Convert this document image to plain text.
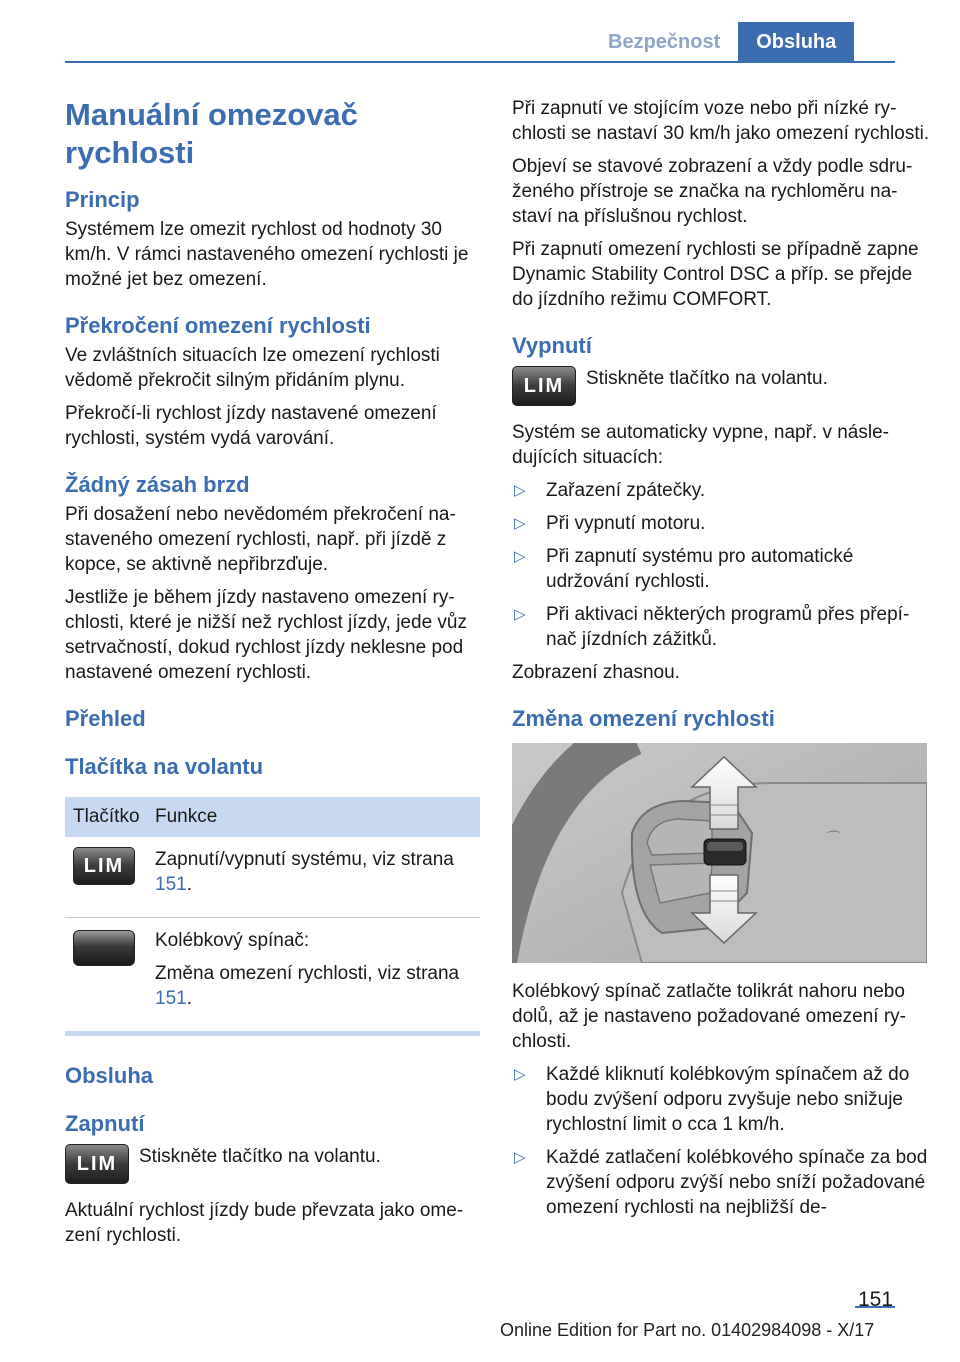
Bezpečnost	Obsluha
Manuální omezovač rychlosti
Princip

Systémem lze omezit rychlost od hodnoty 30 km/h. V rámci nastaveného omezení rychlosti je možné jet bez omezení.

Překročení omezení rychlosti

Ve zvláštních situacích lze omezení rychlosti vědomě překročit silným přidáním plynu.

Překročí-li rychlost jízdy nastavené omezení rychlosti, systém vydá varování.

Žádný zásah brzd

Při dosažení nebo nevědomém překročení nastaveného omezení rychlosti, např. při jízdě z kopce, se aktivně nepřibrzďuje.

Jestliže je během jízdy nastaveno omezení rychlosti, které je nižší než rychlost jízdy, jede vůz setrvačností, dokud rychlost jízdy neklesne pod nastavené omezení rychlosti.

Přehled
Tlačítka na volantu
Tlačítko Funkce
LIM	Zapnutí/vypnutí systému, viz strana 151.

Kolébkový spínač:

Změna omezení rychlosti, viz strana 151.

Obsluha
Zapnutí
LIM	Stiskněte tlačítko na volantu.

Aktuální rychlost jízdy bude převzata jako omezení rychlosti.

Při zapnutí ve stojícím voze nebo při nízké rychlosti se nastaví 30 km/h jako omezení rychlosti.

Objeví se stavové zobrazení a vždy podle sdruženého přístroje se značka na rychloměru nastaví na příslušnou rychlost.

Při zapnutí omezení rychlosti se případně zapne Dynamic Stability Control DSC a příp. se přejde do jízdního režimu COMFORT.

Vypnutí
LIM	Stiskněte tlačítko na volantu.

Systém se automaticky vypne, např. v následujících situacích:

▷	Zařazení zpátečky.
▷	Při vypnutí motoru.
▷	Při zapnutí systému pro automatické udržování rychlosti.
▷	Při aktivaci některých programů přes přepínač jízdních zážitků.

Zobrazení zhasnou.

Změna omezení rychlosti
⌒

Kolébkový spínač zatlačte tolikrát nahoru nebo dolů, až je nastaveno požadované omezení rychlosti.

▷	Každé kliknutí kolébkovým spínačem až do bodu zvýšení odporu zvyšuje nebo snižuje rychlostní limit o cca 1 km/h.
▷	Každé zatlačení kolébkového spínače za bod zvýšení odporu zvýší nebo sníží požadované omezení rychlosti na nejbližší de-
151
Online Edition for Part no. 01402984098 - X/17
